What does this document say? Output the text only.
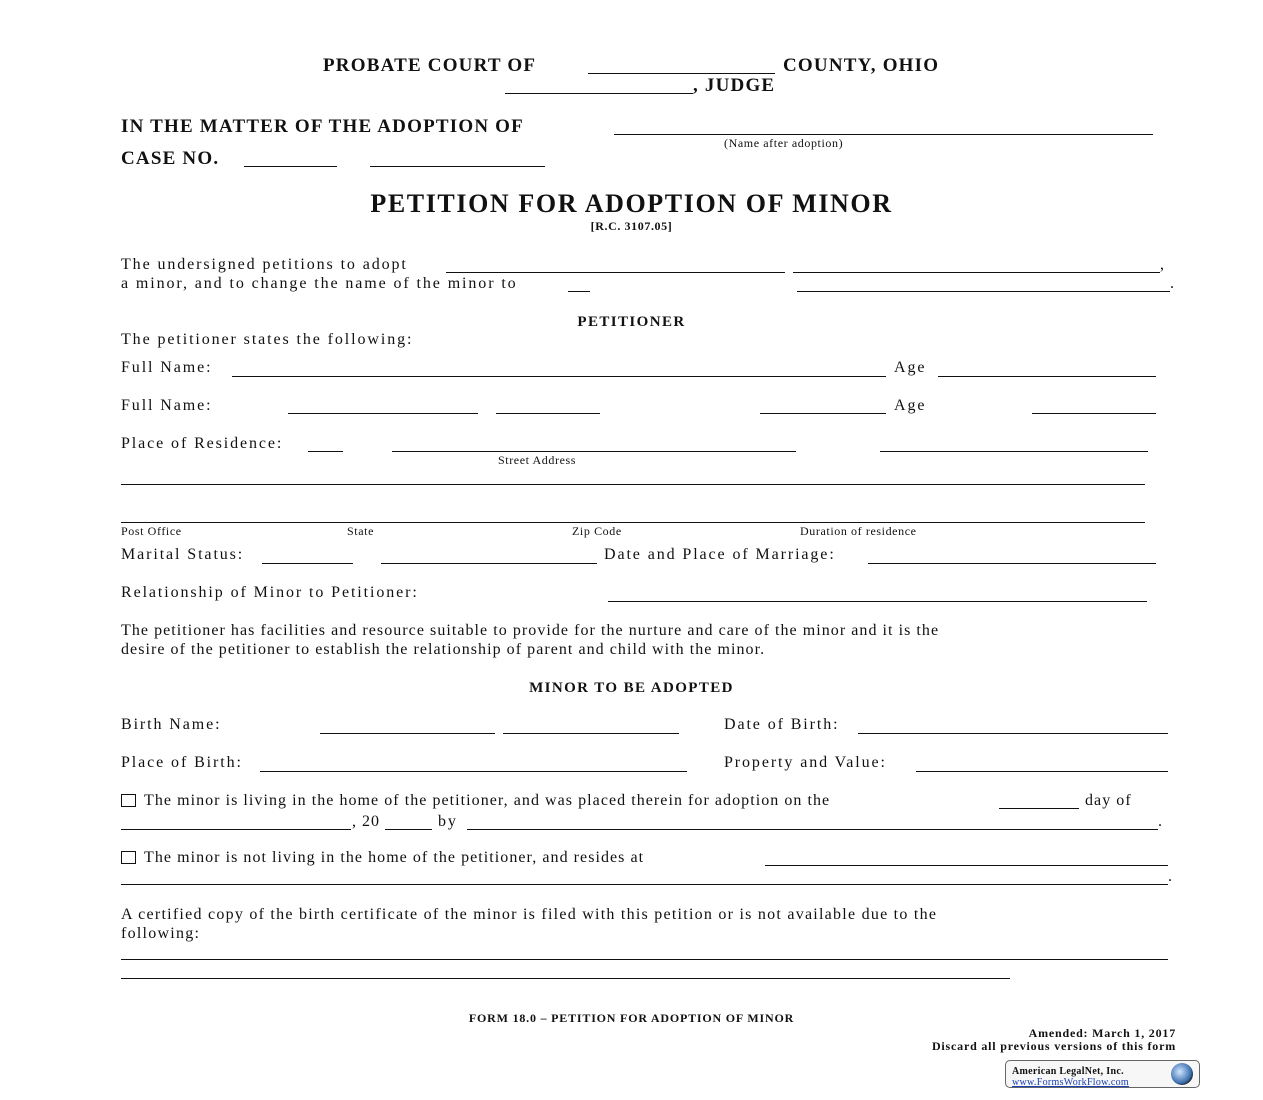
PROBATE COURT OF	COUNTY, OHIO
, JUDGE
IN THE MATTER OF THE ADOPTION OF
(Name after adoption)
CASE NO.
PETITION FOR ADOPTION OF MINOR
[R.C. 3107.05]
The undersigned petitions to adopt	,
a minor, and to change the name of the minor to	.
PETITIONER
The petitioner states the following:
Full Name:	Age
Full Name:	Age
Place of Residence:
Street Address
Post Office	State	Zip Code	Duration of residence
Marital Status:	Date and Place of Marriage:
Relationship of Minor to Petitioner:
The petitioner has facilities and resource suitable to provide for the nurture and care of the minor and it is the
desire of the petitioner to establish the relationship of parent and child with the minor.
MINOR TO BE ADOPTED
Birth Name:	Date of Birth:
Place of Birth:	Property and Value:
The minor is living in the home of the petitioner, and was placed therein for adoption on the	day of
, 20	by	.
The minor is not living in the home of the petitioner, and resides at
.
A certified copy of the birth certificate of the minor is filed with this petition or is not available due to the
following:
FORM 18.0 – PETITION FOR ADOPTION OF MINOR
Amended: March 1, 2017
Discard all previous versions of this form
American LegalNet, Inc.
www.FormsWorkFlow.com
